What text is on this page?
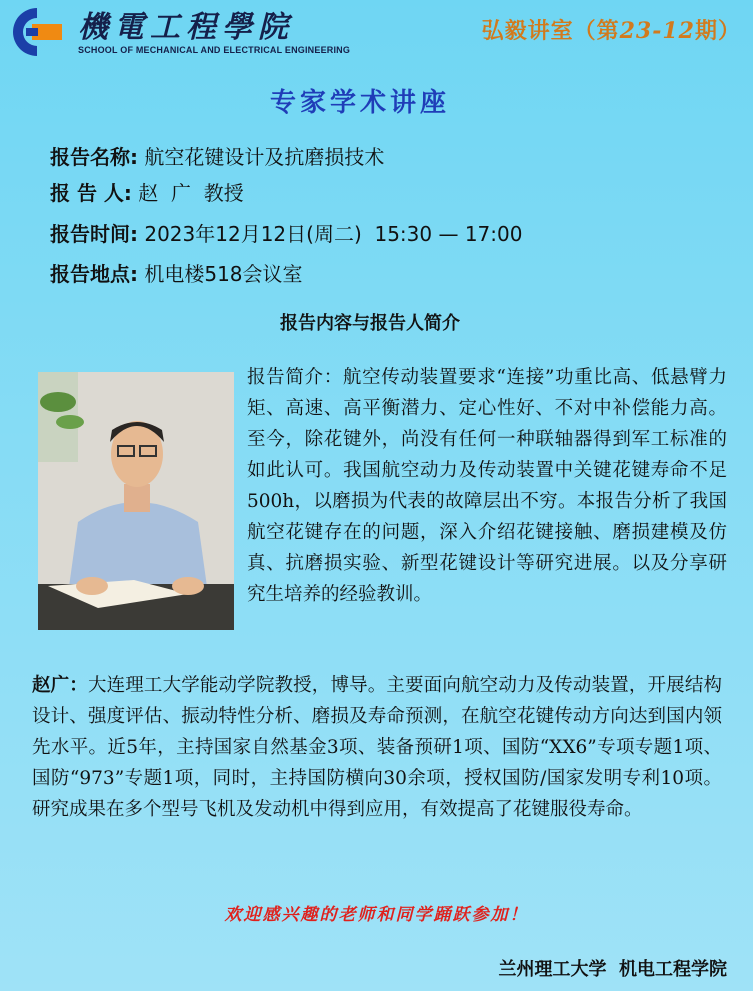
機電工程學院
SCHOOL OF MECHANICAL AND ELECTRICAL ENGINEERING
弘毅讲室（第23-12期）
专家学术讲座
报告名称: 航空花键设计及抗磨损技术
报 告 人: 赵  广  教授
报告时间: 2023年12月12日(周二)  15:30 — 17:00
报告地点: 机电楼518会议室
报告内容与报告人简介
报告简介：航空传动装置要求“连接”功重比高、低悬臂力矩、高速、高平衡潜力、定心性好、不对中补偿能力高。至今，除花键外，尚没有任何一种联轴器得到军工标准的如此认可。我国航空动力及传动装置中关键花键寿命不足500h，以磨损为代表的故障层出不穷。本报告分析了我国航空花键存在的问题，深入介绍花键接触、磨损建模及仿真、抗磨损实验、新型花键设计等研究进展。以及分享研究生培养的经验教训。
赵广：大连理工大学能动学院教授，博导。主要面向航空动力及传动装置，开展结构设计、强度评估、振动特性分析、磨损及寿命预测，在航空花键传动方向达到国内领先水平。近5年，主持国家自然基金3项、装备预研1项、国防“XX6”专项专题1项、国防“973”专题1项，同时，主持国防横向30余项，授权国防/国家发明专利10项。研究成果在多个型号飞机及发动机中得到应用，有效提高了花键服役寿命。
欢迎感兴趣的老师和同学踊跃参加！
兰州理工大学  机电工程学院
